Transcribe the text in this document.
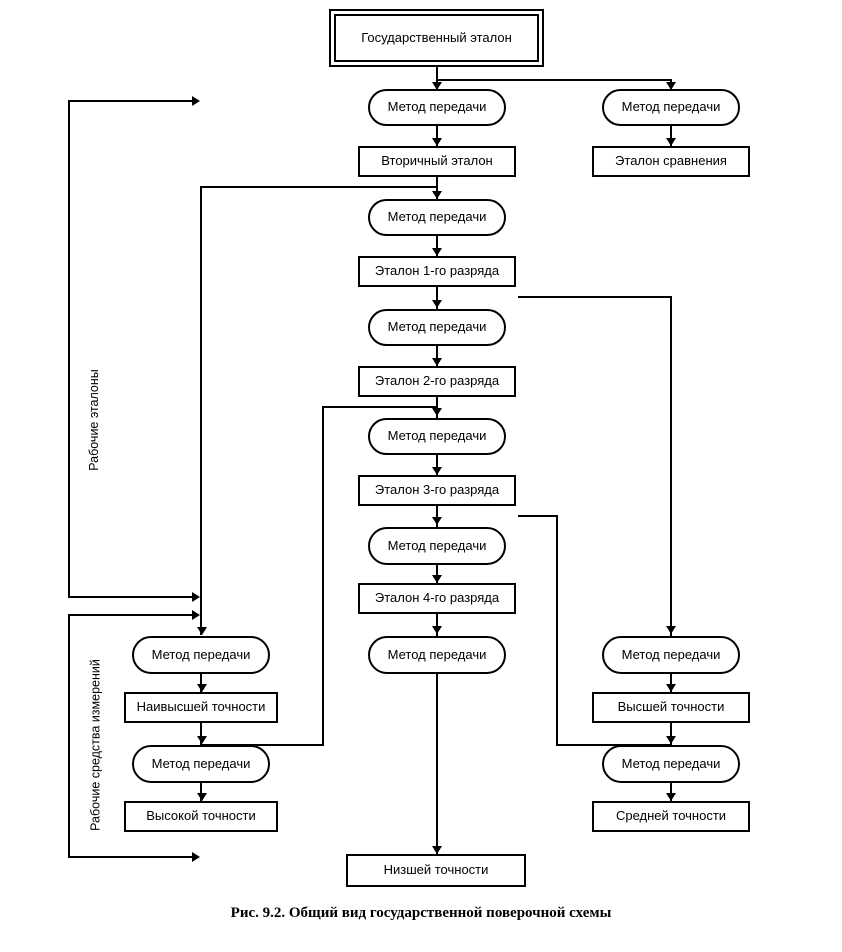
Государственный эталон
Метод передачи	Метод передачи
Вторичный эталон	Эталон сравнения
Метод передачи
Эталон 1-го разряда
Метод передачи
Эталон 2-го разряда
Метод передачи
Эталон 3-го разряда
Метод передачи
Эталон 4-го разряда
Метод передачи
Метод передачи
Наивысшей точности
Метод передачи
Высокой точности
Метод передачи
Высшей точности
Метод передачи
Средней точности
Низшей точности
Рабочие эталоны
Рабочие средства измерений
Рис. 9.2. Общий вид государственной поверочной схемы
